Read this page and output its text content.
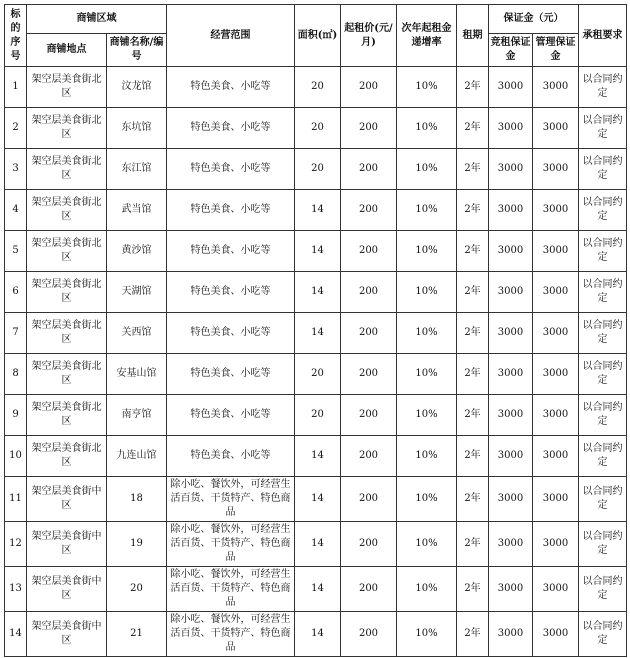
标的序号	商铺区域		经营范围	面积(㎡)	起租价(元/月)	次年起租金递增率	租期	保证金（元）		承租要求
	商铺地点	商铺名称/编号						竞租保证金	管理保证金	
1	架空层美食街北区	汶龙馆	特色美食、小吃等	20	200	10%	2年	3000	3000	以合同约定
2	架空层美食街北区	东坑馆	特色美食、小吃等	20	200	10%	2年	3000	3000	以合同约定
3	架空层美食街北区	东江馆	特色美食、小吃等	20	200	10%	2年	3000	3000	以合同约定
4	架空层美食街北区	武当馆	特色美食、小吃等	14	200	10%	2年	3000	3000	以合同约定
5	架空层美食街北区	黄沙馆	特色美食、小吃等	14	200	10%	2年	3000	3000	以合同约定
6	架空层美食街北区	天湖馆	特色美食、小吃等	14	200	10%	2年	3000	3000	以合同约定
7	架空层美食街北区	关西馆	特色美食、小吃等	14	200	10%	2年	3000	3000	以合同约定
8	架空层美食街北区	安基山馆	特色美食、小吃等	20	200	10%	2年	3000	3000	以合同约定
9	架空层美食街北区	南亨馆	特色美食、小吃等	20	200	10%	2年	3000	3000	以合同约定
10	架空层美食街北区	九连山馆	特色美食、小吃等	14	200	10%	2年	3000	3000	以合同约定
11	架空层美食街中区	18	除小吃、餐饮外，可经营生活百货、干货特产、特色商品	14	200	10%	2年	3000	3000	以合同约定
12	架空层美食街中区	19	除小吃、餐饮外，可经营生活百货、干货特产、特色商品	14	200	10%	2年	3000	3000	以合同约定
13	架空层美食街中区	20	除小吃、餐饮外，可经营生活百货、干货特产、特色商品	14	200	10%	2年	3000	3000	以合同约定
14	架空层美食街中区	21	除小吃、餐饮外，可经营生活百货、干货特产、特色商品	14	200	10%	2年	3000	3000	以合同约定
